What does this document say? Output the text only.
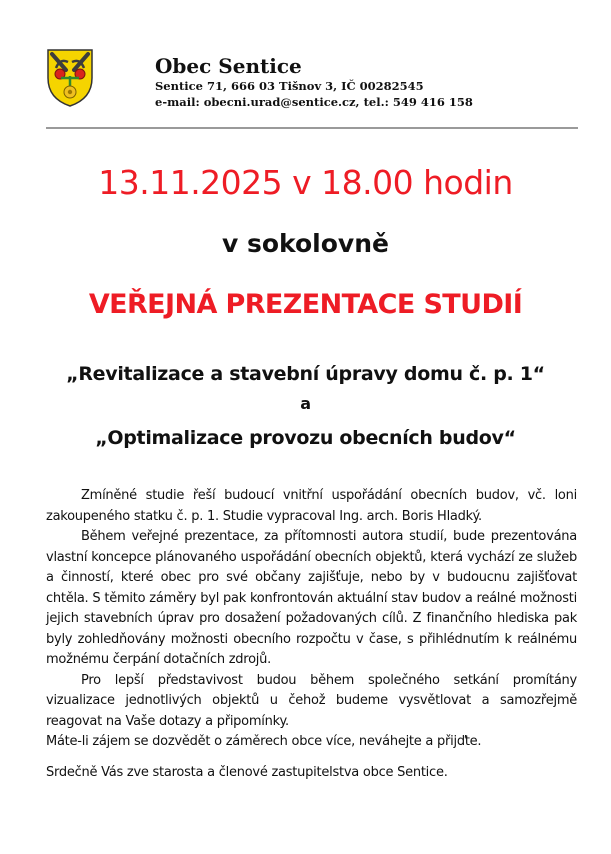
Obec Sentice
Sentice 71, 666 03 Tišnov 3, IČ 00282545
e-mail: obecni.urad@sentice.cz, tel.: 549 416 158
13.11.2025 v 18.00 hodin
v sokolovně
VEŘEJNÁ PREZENTACE STUDIÍ
„Revitalizace a stavební úpravy domu č. p. 1“
a
„Optimalizace provozu obecních budov“

Zmíněné studie řeší budoucí vnitřní uspořádání obecních budov, vč. loni zakoupeného statku č. p. 1. Studie vypracoval Ing. arch. Boris Hladký.

Během veřejné prezentace, za přítomnosti autora studií, bude prezentována vlastní koncepce plánovaného uspořádání obecních objektů, která vychází ze služeb a činností, které obec pro své občany zajišťuje, nebo by v budoucnu zajišťovat chtěla. S těmito záměry byl pak konfrontován aktuální stav budov a reálné možnosti jejich stavebních úprav pro dosažení požadovaných cílů. Z finančního hlediska pak byly zohledňovány možnosti obecního rozpočtu v čase, s přihlédnutím k reálnému možnému čerpání dotačních zdrojů.

Pro lepší představivost budou během společného setkání promítány vizualizace jednotlivých objektů u čehož budeme vysvětlovat a samozřejmě reagovat na Vaše dotazy a připomínky.

Máte-li zájem se dozvědět o záměrech obce více, neváhejte a přijďte.

Srdečně Vás zve starosta a členové zastupitelstva obce Sentice.
